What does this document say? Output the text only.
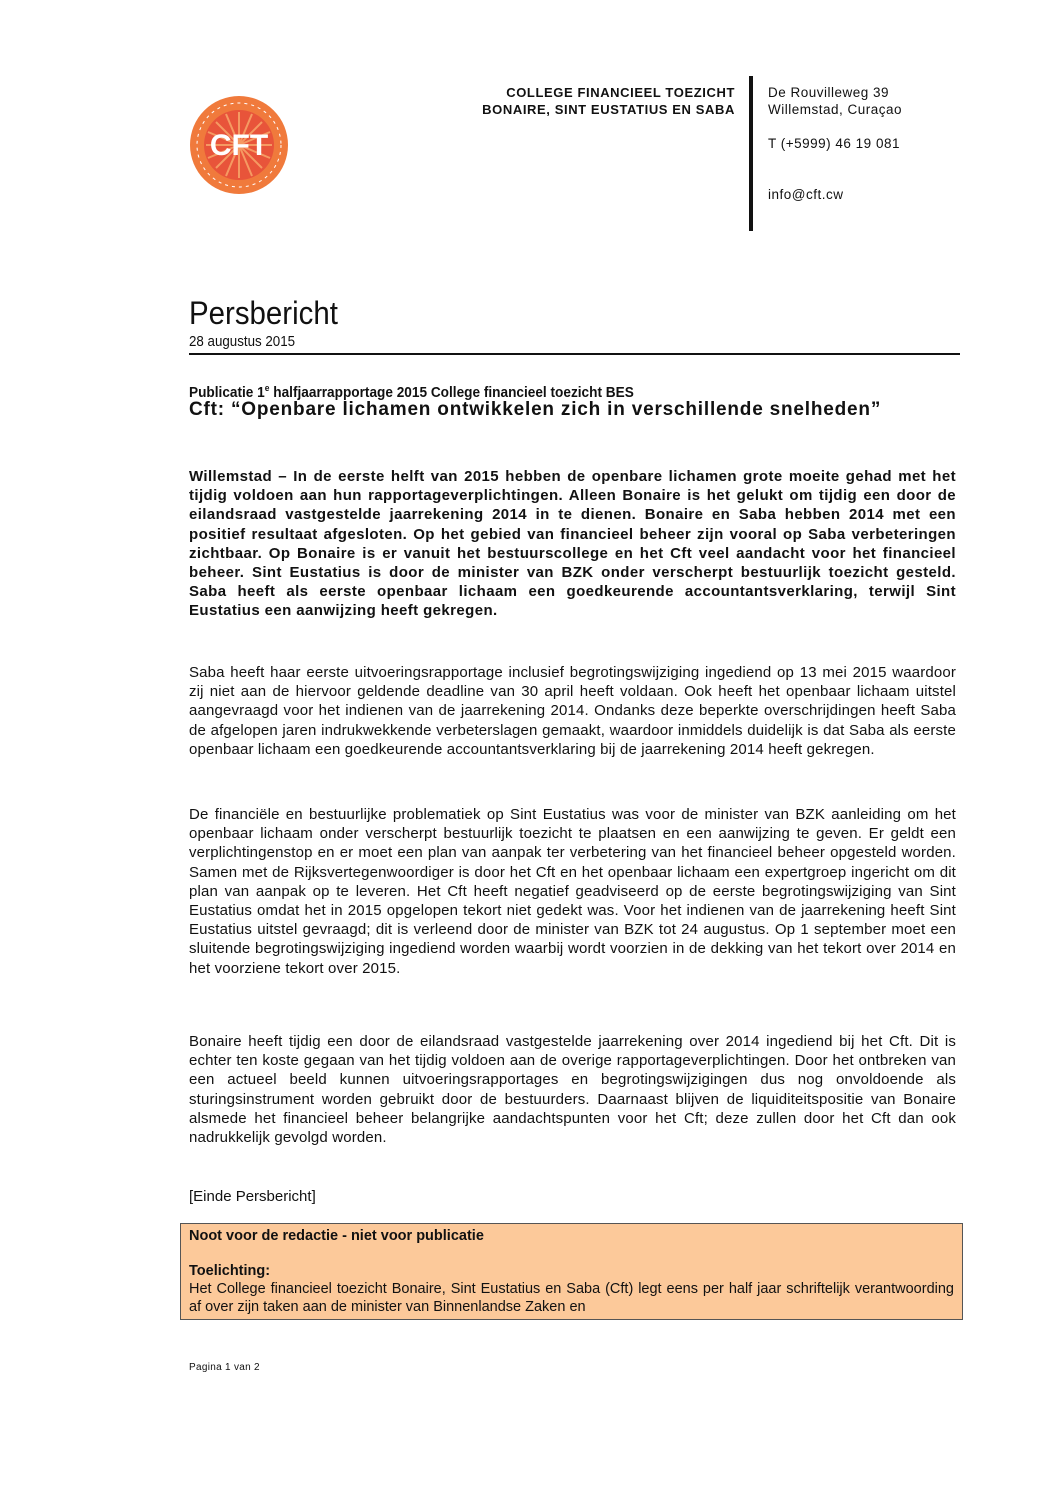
CFT
COLLEGE FINANCIEEL TOEZICHT
BONAIRE, SINT EUSTATIUS EN SABA
De Rouvilleweg 39
Willemstad, Curaçao
T (+5999) 46 19 081
info@cft.cw
Persbericht
28 augustus 2015
Publicatie 1e halfjaarrapportage 2015 College financieel toezicht BES
Cft: “Openbare lichamen ontwikkelen zich in verschillende snelheden”
Willemstad – In de eerste helft van 2015 hebben de openbare lichamen grote moeite gehad met het tijdig voldoen aan hun rapportageverplichtingen. Alleen Bonaire is het gelukt om tijdig een door de eilandsraad vastgestelde jaarrekening 2014 in te dienen. Bonaire en Saba hebben 2014 met een positief resultaat afgesloten. Op het gebied van financieel beheer zijn vooral op Saba verbeteringen zichtbaar. Op Bonaire is er vanuit het bestuurscollege en het Cft veel aandacht voor het financieel beheer. Sint Eustatius is door de minister van BZK onder verscherpt bestuurlijk toezicht gesteld. Saba heeft als eerste openbaar lichaam een goedkeurende accountantsverklaring, terwijl Sint Eustatius een aanwijzing heeft gekregen.
Saba heeft haar eerste uitvoeringsrapportage inclusief begrotingswijziging ingediend op 13 mei 2015 waardoor zij niet aan de hiervoor geldende deadline van 30 april heeft voldaan. Ook heeft het openbaar lichaam uitstel aangevraagd voor het indienen van de jaarrekening 2014. Ondanks deze beperkte overschrijdingen heeft Saba de afgelopen jaren indrukwekkende verbeterslagen gemaakt, waardoor inmiddels duidelijk is dat Saba als eerste openbaar lichaam een goedkeurende accountantsverklaring bij de jaarrekening 2014 heeft gekregen.
De financiële en bestuurlijke problematiek op Sint Eustatius was voor de minister van BZK aanleiding om het openbaar lichaam onder verscherpt bestuurlijk toezicht te plaatsen en een aanwijzing te geven. Er geldt een verplichtingenstop en er moet een plan van aanpak ter verbetering van het financieel beheer opgesteld worden. Samen met de Rijksvertegenwoordiger is door het Cft en het openbaar lichaam een expertgroep ingericht om dit plan van aanpak op te leveren. Het Cft heeft negatief geadviseerd op de eerste begrotingswijziging van Sint Eustatius omdat het in 2015 opgelopen tekort niet gedekt was. Voor het indienen van de jaarrekening heeft Sint Eustatius uitstel gevraagd; dit is verleend door de minister van BZK tot 24 augustus. Op 1 september moet een sluitende begrotingswijziging ingediend worden waarbij wordt voorzien in de dekking van het tekort over 2014 en het voorziene tekort over 2015.
Bonaire heeft tijdig een door de eilandsraad vastgestelde jaarrekening over 2014 ingediend bij het Cft. Dit is echter ten koste gegaan van het tijdig voldoen aan de overige rapportageverplichtingen. Door het ontbreken van een actueel beeld kunnen uitvoeringsrapportages en begrotingswijzigingen dus nog onvoldoende als sturingsinstrument worden gebruikt door de bestuurders. Daarnaast blijven de liquiditeitspositie van Bonaire alsmede het financieel beheer belangrijke aandachtspunten voor het Cft; deze zullen door het Cft dan ook nadrukkelijk gevolgd worden.
[Einde Persbericht]
Noot voor de redactie - niet voor publicatie
Toelichting:
Het College financieel toezicht Bonaire, Sint Eustatius en Saba (Cft) legt eens per half jaar schriftelijk verantwoording af over zijn taken aan de minister van Binnenlandse Zaken en
Pagina 1 van 2
